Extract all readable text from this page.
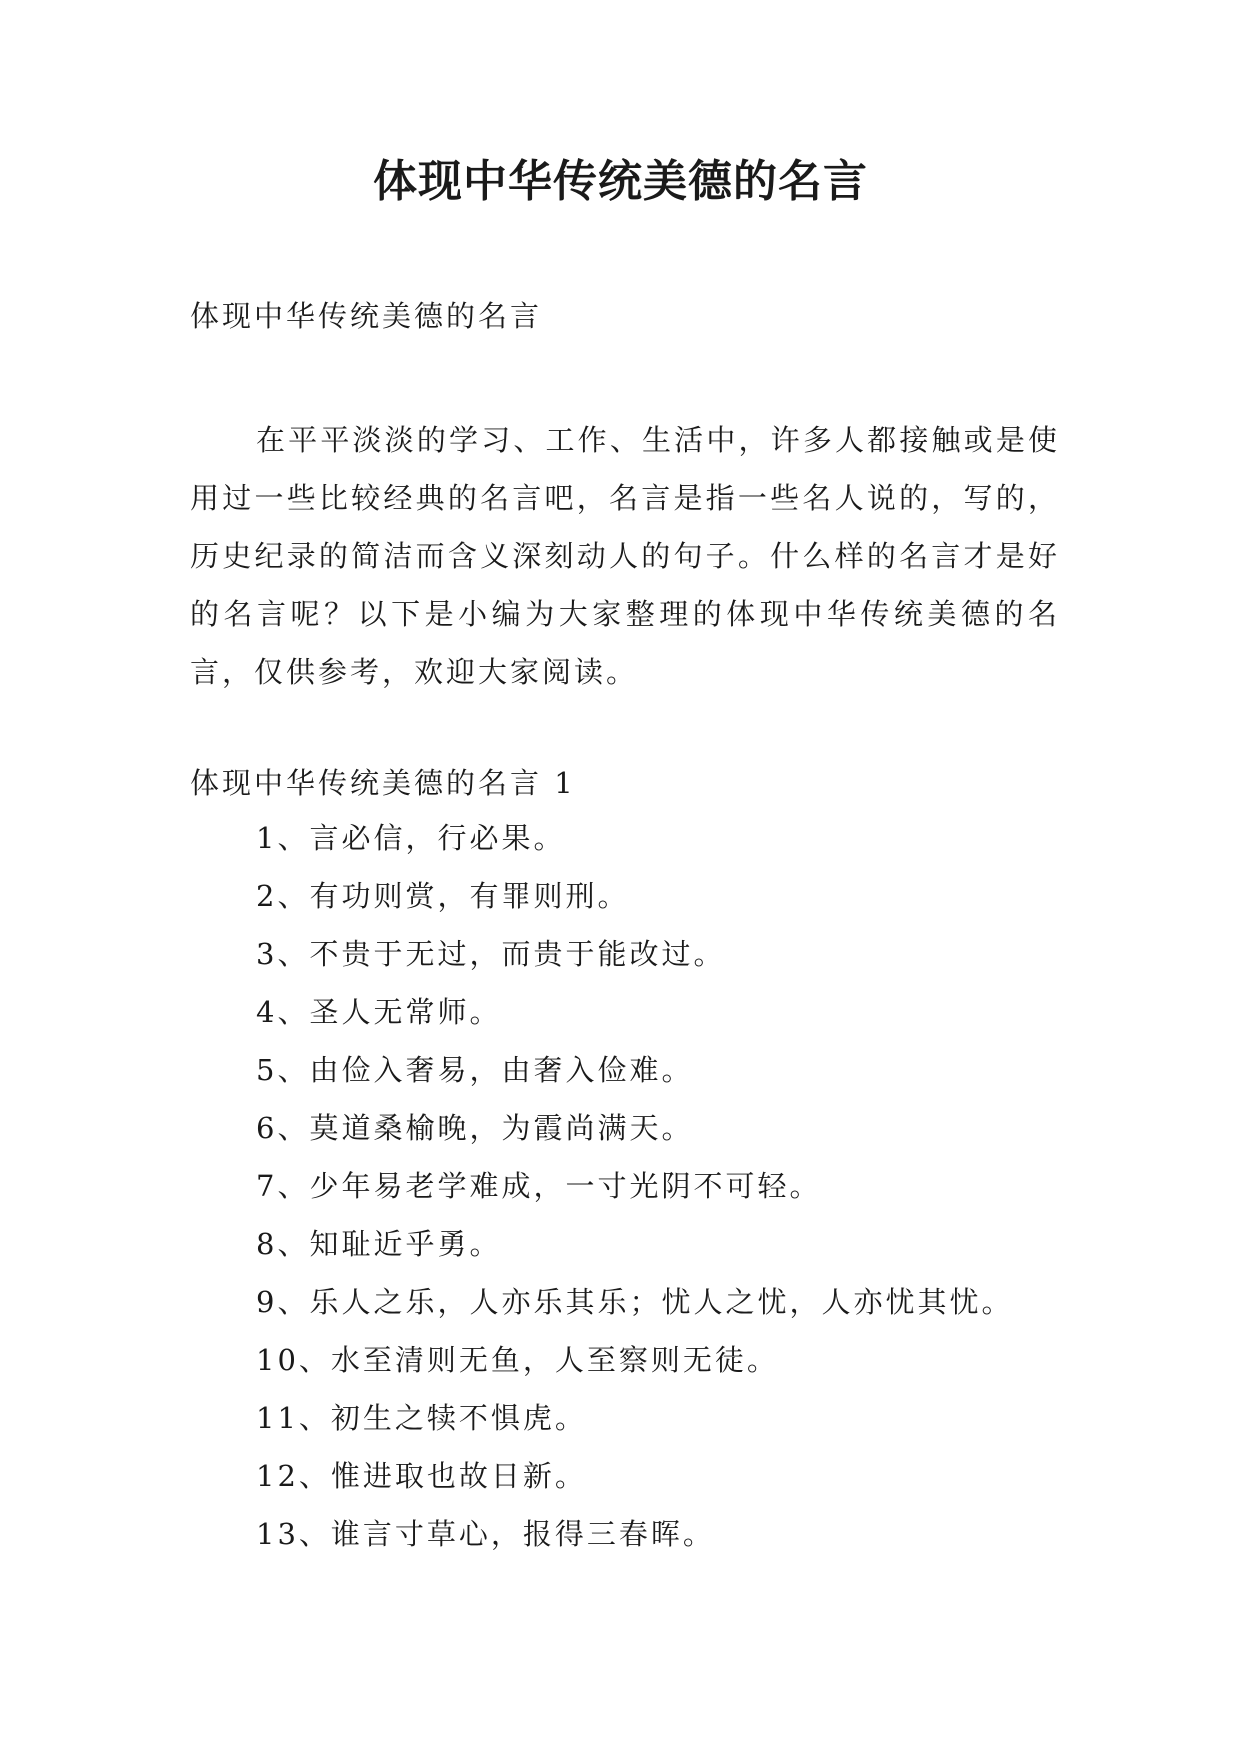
体现中华传统美德的名言

体现中华传统美德的名言

在平平淡淡的学习、工作、生活中，许多人都接触或是使用过一些比较经典的名言吧，名言是指一些名人说的，写的，历史纪录的简洁而含义深刻动人的句子。什么样的名言才是好的名言呢？以下是小编为大家整理的体现中华传统美德的名言，仅供参考，欢迎大家阅读。

体现中华传统美德的名言 1

1、言必信，行必果。
2、有功则赏，有罪则刑。
3、不贵于无过，而贵于能改过。
4、圣人无常师。
5、由俭入奢易，由奢入俭难。
6、莫道桑榆晚，为霞尚满天。
7、少年易老学难成，一寸光阴不可轻。
8、知耻近乎勇。
9、乐人之乐，人亦乐其乐；忧人之忧，人亦忧其忧。
10、水至清则无鱼，人至察则无徒。
11、初生之犊不惧虎。
12、惟进取也故日新。
13、谁言寸草心，报得三春晖。
